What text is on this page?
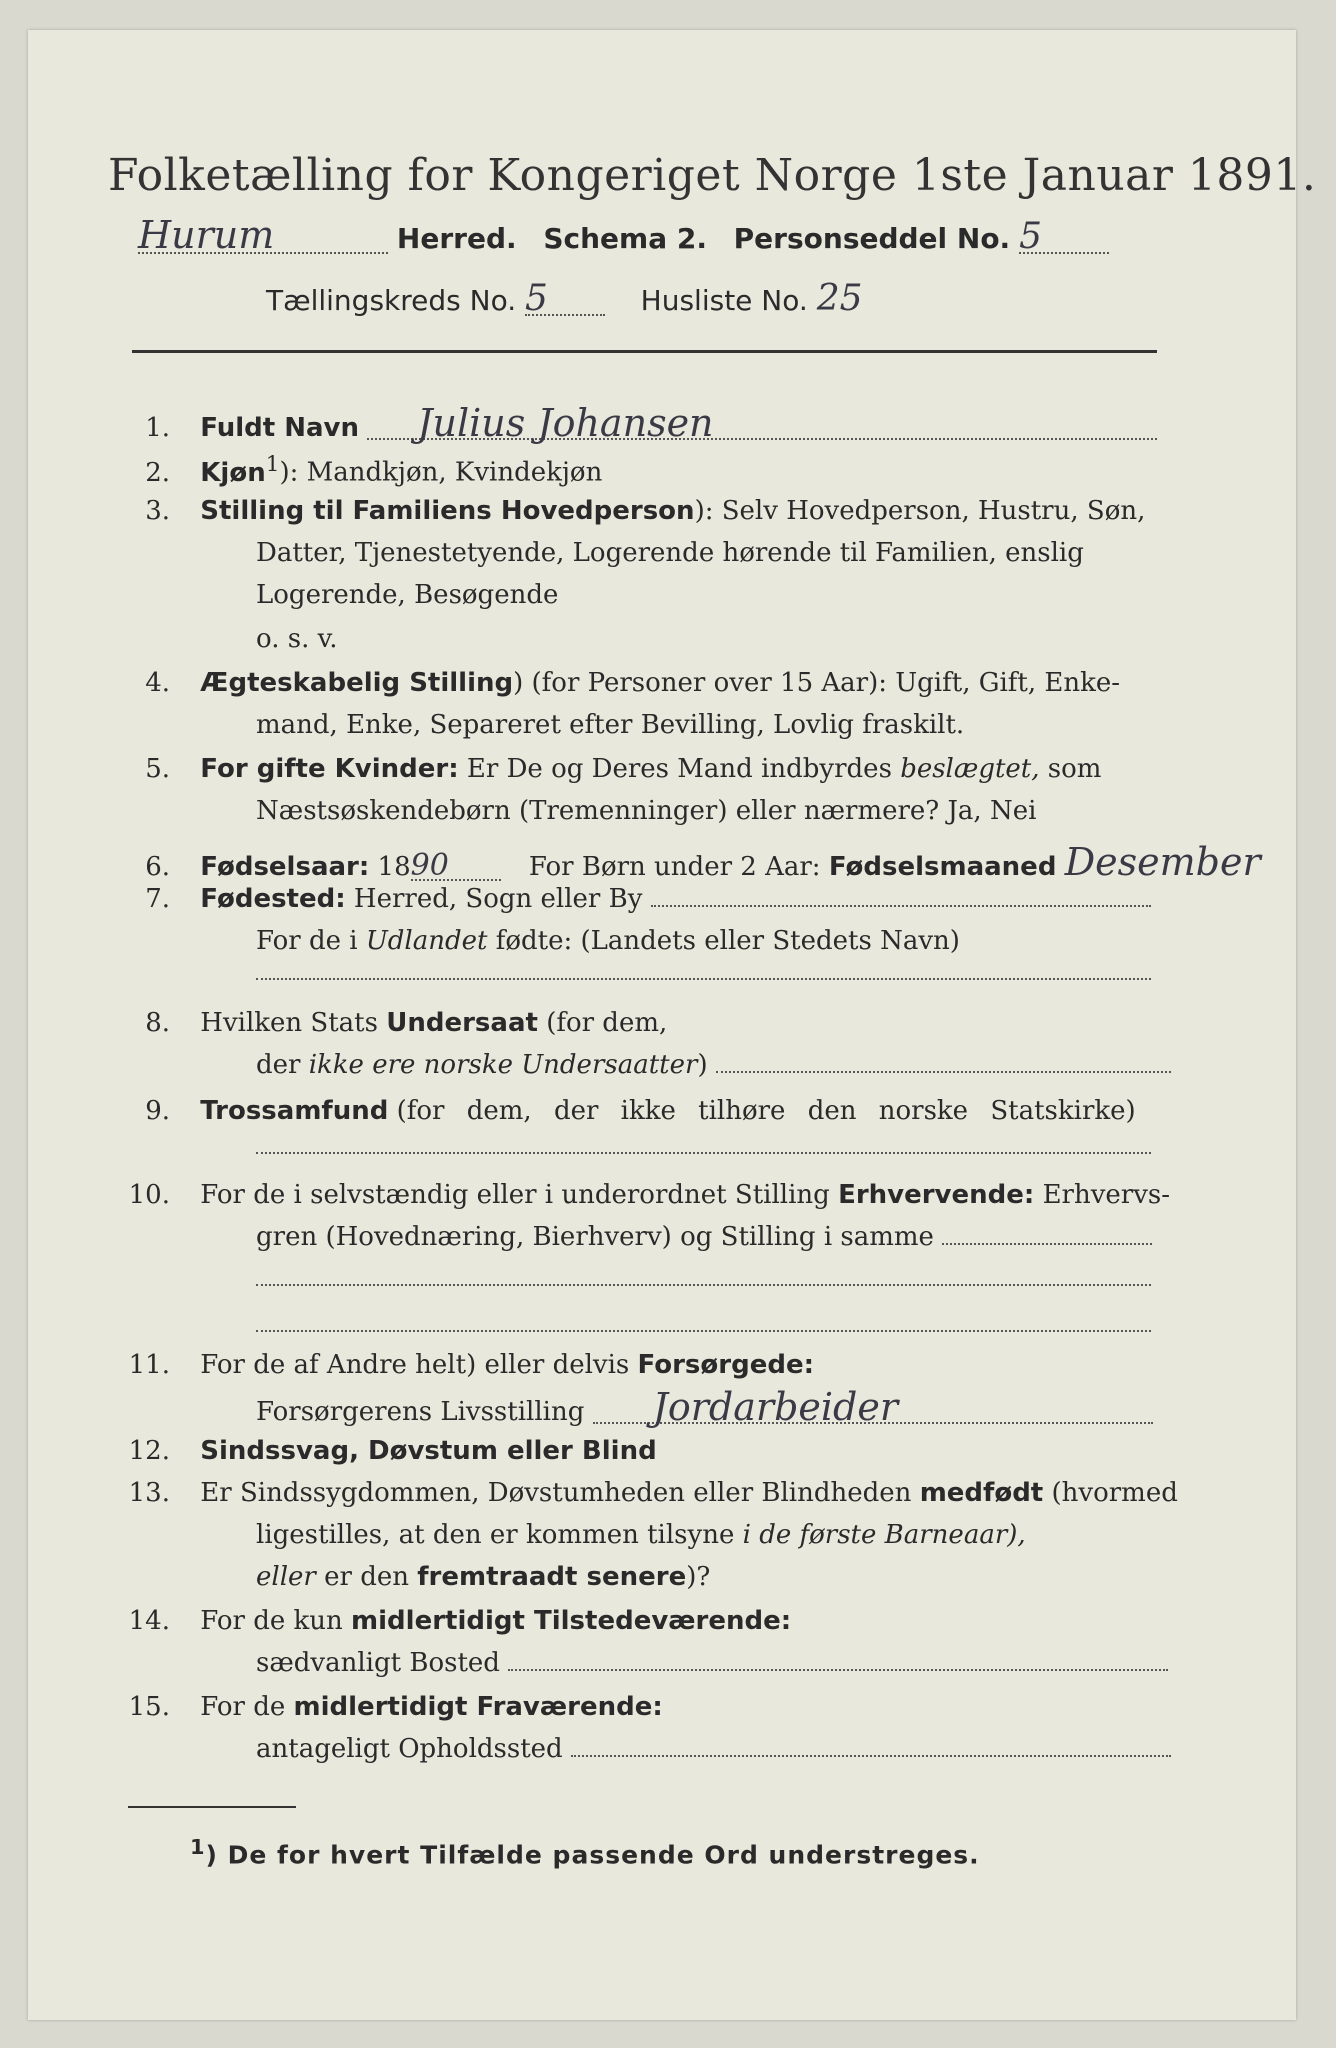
Folketælling for Kongeriget Norge 1ste Januar 1891.
Hurum	Herred. Schema 2. Personseddel No. 5
Tællingskreds No. 5	Husliste No. 25
1. Fuldt Navn Julius Johansen
2. Kjøn$^1$): Mandkjøn, Kvindekjøn
3. Stilling til Familiens Hovedperson): Selv Hovedperson, Hustru, Søn,
Datter, Tjenestetyende, Logerende hørende til Familien, enslig
Logerende, Besøgende
o. s. v.
4. Ægteskabelig Stilling) (for Personer over 15 Aar): Ugift, Gift, Enke-
mand, Enke, Separeret efter Bevilling, Lovlig fraskilt.
5. For gifte Kvinder: Er De og Deres Mand indbyrdes beslægtet, som
Næstsøskendebørn (Tremenninger) eller nærmere? Ja, Nei
6. Fødselsaar: 1890	For Børn under 2 Aar: Fødselsmaaned Desember
7. Fødested: Herred, Sogn eller By
For de i Udlandet fødte: (Landets eller Stedets Navn)
8. Hvilken Stats Undersaat (for dem,
der ikke ere norske Undersaatter)
9. Trossamfund (for dem, der ikke tilhøre den norske Statskirke)
10. For de i selvstændig eller i underordnet Stilling Erhvervende: Erhvervs-
gren (Hovednæring, Bierhverv) og Stilling i samme
11. For de af Andre helt) eller delvis Forsørgede:
Forsørgerens Livsstilling Jordarbeider
12. Sindssvag, Døvstum eller Blind
13. Er Sindssygdommen, Døvstumheden eller Blindheden medfødt (hvormed
ligestilles, at den er kommen tilsyne i de første Barneaar),
eller er den fremtraadt senere)?
14. For de kun midlertidigt Tilstedeværende:
sædvanligt Bosted
15. For de midlertidigt Fraværende:
antageligt Opholdssted
$^1$) De for hvert Tilfælde passende Ord understreges.
